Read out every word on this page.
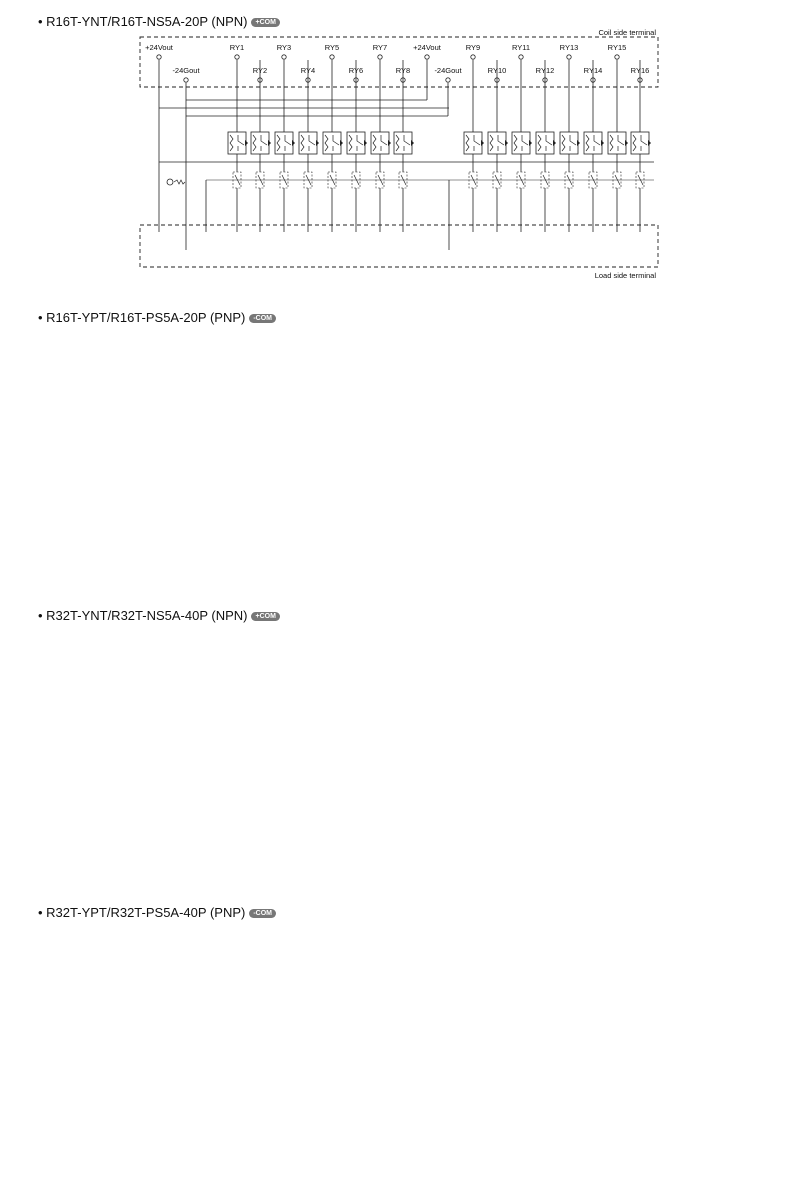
• R16T-YNT/R16T-NS5A-20P (NPN) +COM
Coil side terminal
Load side terminal
+24Vout	RY1	RY3	RY5	RY7	+24Vout	RY9	RY11	RY13	RY15
-24Gout	RY2	RY4	RY6	RY8	-24Gout	RY10	RY12	RY14	RY16
• R16T-YPT/R16T-PS5A-20P (PNP) -COM
• R32T-YNT/R32T-NS5A-40P (NPN) +COM
• R32T-YPT/R32T-PS5A-40P (PNP) -COM
